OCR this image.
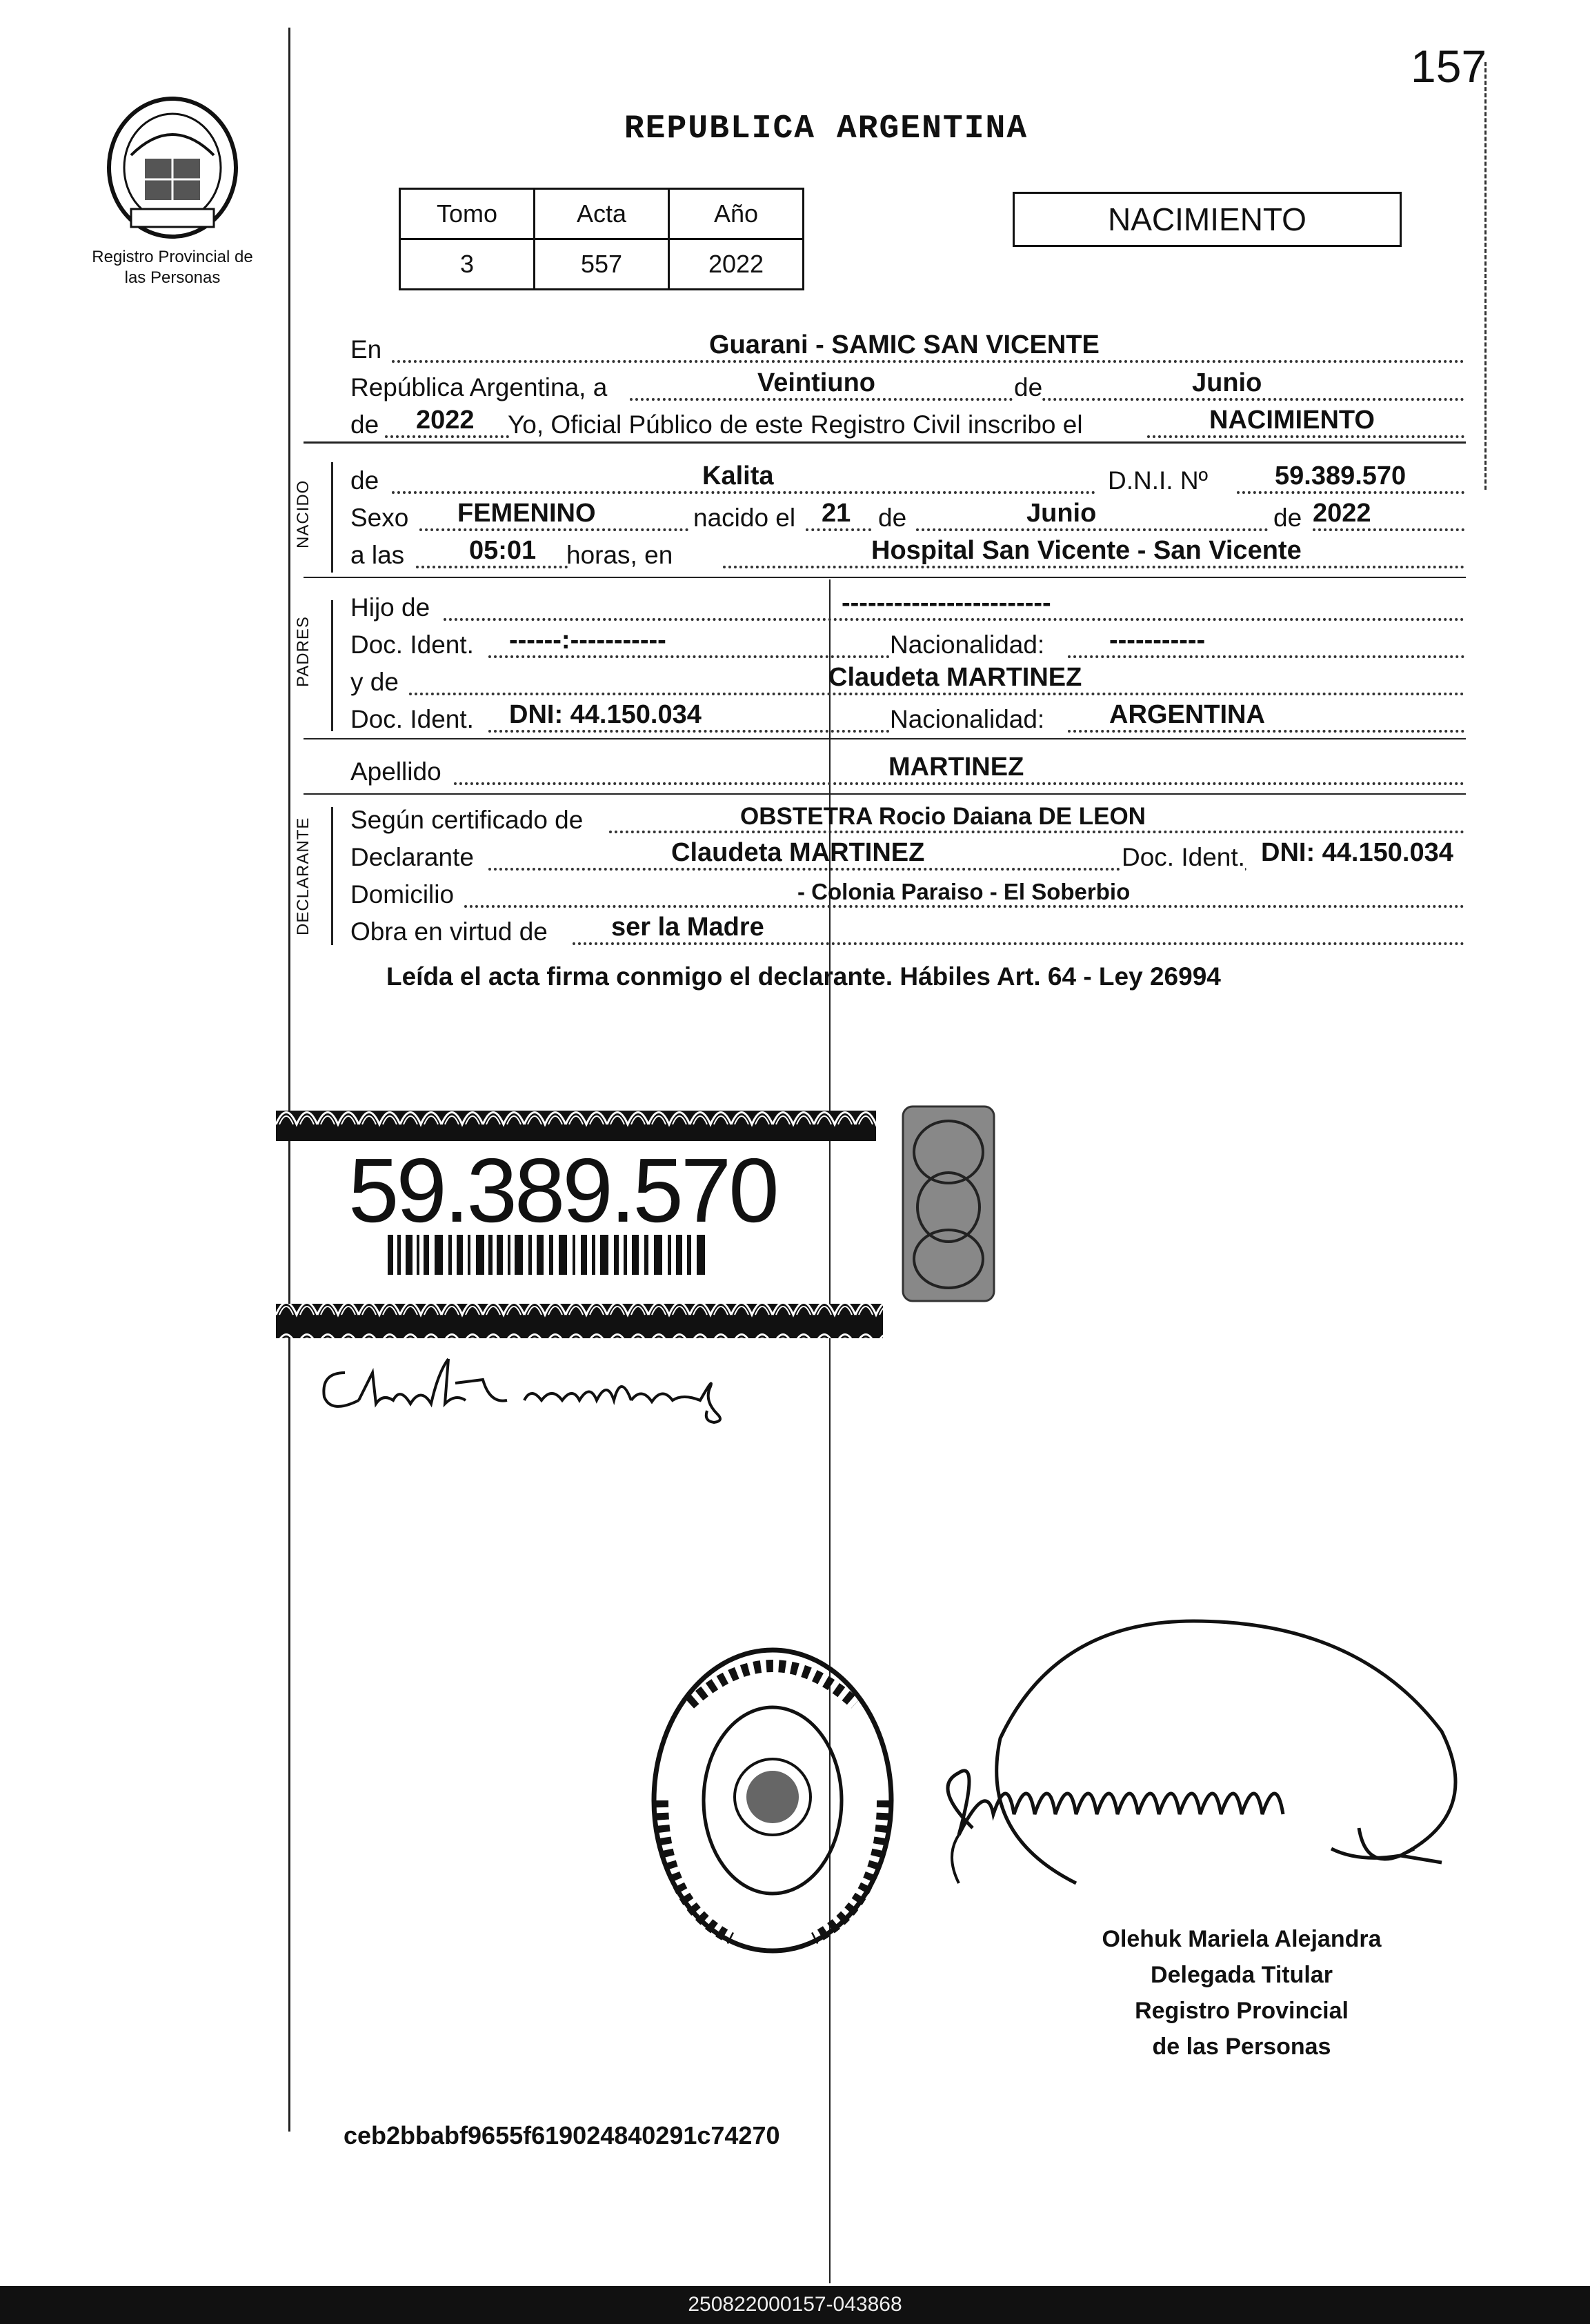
157
Registro Provincial de las Personas
REPUBLICA ARGENTINA
Tomo	Acta	Año
3	557	2022
NACIMIENTO
En	Guarani - SAMIC SAN VICENTE
República Argentina, a	Veintiuno	de	Junio
de 2022 Yo, Oficial Público de este Registro Civil inscribo el	NACIMIENTO
NACIDO de	Kalita	D.N.I. Nº	59.389.570
Sexo FEMENINO	nacido el 21 de	Junio	de 2022
a las 05:01 horas, en	Hospital San Vicente - San Vicente
PADRES
Hijo de	------------------------
Doc. Ident. ------:-----------	Nacionalidad: -----------
y de	Claudeta MARTINEZ
Doc. Ident. DNI: 44.150.034	Nacionalidad: ARGENTINA
Apellido	MARTINEZ
DECLARANTE Según certificado de	OBSTETRA Rocio Daiana DE LEON
Declarante	Claudeta MARTINEZ	Doc. Ident. DNI: 44.150.034
Domicilio	- Colonia Paraiso - El Soberbio
Obra en virtud de ser la Madre
Leída el acta firma conmigo el declarante. Hábiles Art. 64 - Ley 26994
59.389.570
Olehuk Mariela Alejandra
Delegada Titular
Registro Provincial
de las Personas
ceb2bbabf9655f619024840291c74270
250822000157-043868
